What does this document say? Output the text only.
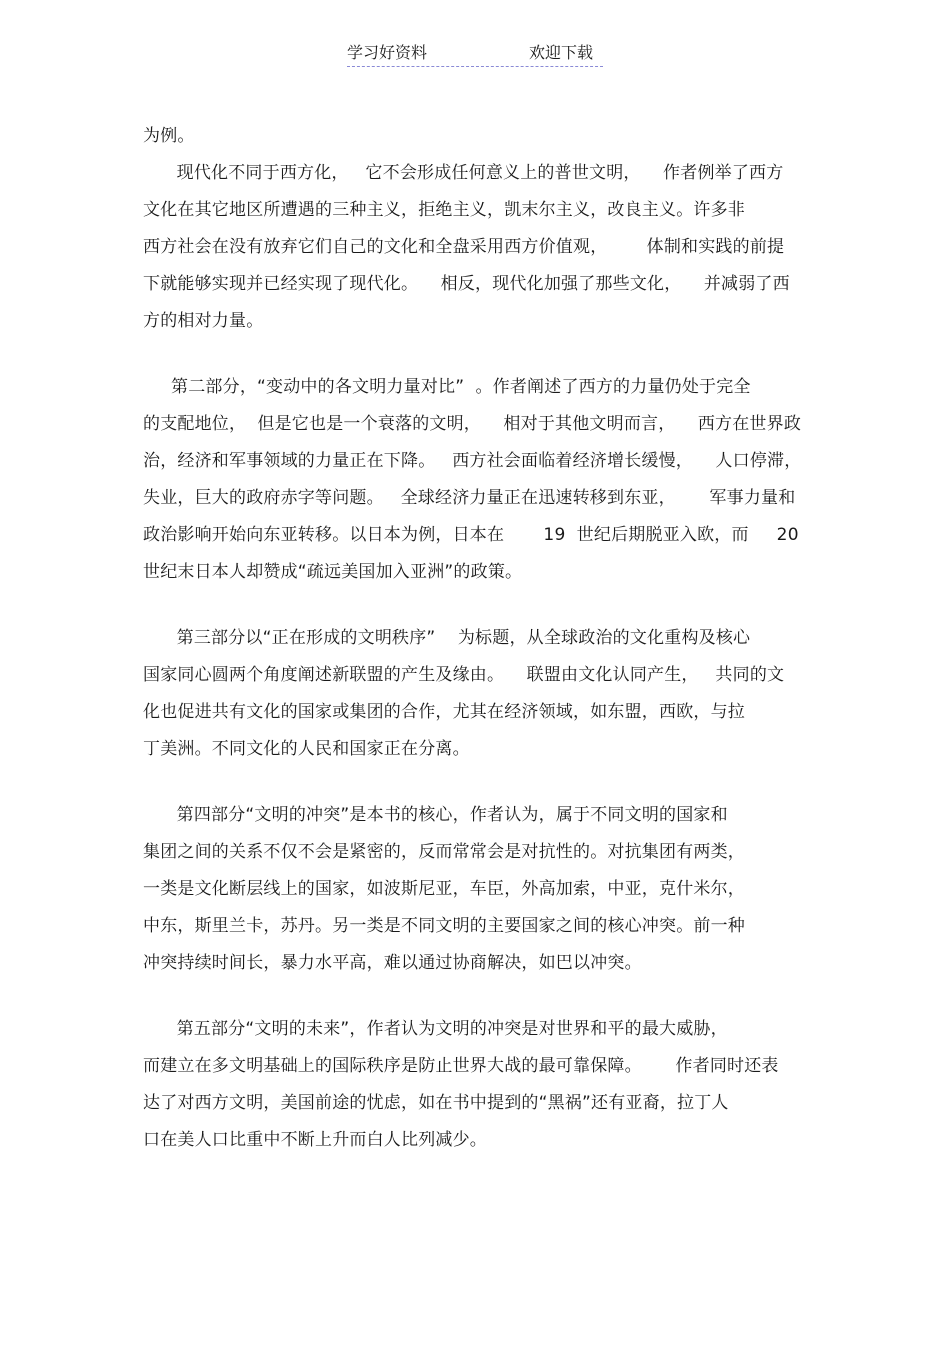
学习好资料	欢迎下载
为例。
现代化不同于西方化，   它不会形成任何意义上的普世文明，    作者例举了西方
文化在其它地区所遭遇的三种主义，拒绝主义，凯末尔主义，改良主义。许多非
西方社会在没有放弃它们自己的文化和全盘采用西方价值观，       体制和实践的前提
下就能够实现并已经实现了现代化。    相反，现代化加强了那些文化，    并减弱了西
方的相对力量。
第二部分，“变动中的各文明力量对比”  。作者阐述了西方的力量仍处于完全
的支配地位，  但是它也是一个衰落的文明，    相对于其他文明而言，    西方在世界政
治，经济和军事领域的力量正在下降。   西方社会面临着经济增长缓慢，    人口停滞，
失业，巨大的政府赤字等问题。   全球经济力量正在迅速转移到东亚，      军事力量和
政治影响开始向东亚转移。以日本为例，日本在       19  世纪后期脱亚入欧，而     20
世纪末日本人却赞成“疏远美国加入亚洲”的政策。
第三部分以“正在形成的文明秩序”    为标题，从全球政治的文化重构及核心
国家同心圆两个角度阐述新联盟的产生及缘由。    联盟由文化认同产生，   共同的文
化也促进共有文化的国家或集团的合作，尤其在经济领域，如东盟，西欧，与拉
丁美洲。不同文化的人民和国家正在分离。
第四部分“文明的冲突”是本书的核心，作者认为，属于不同文明的国家和
集团之间的关系不仅不会是紧密的，反而常常会是对抗性的。对抗集团有两类，
一类是文化断层线上的国家，如波斯尼亚，车臣，外高加索，中亚，克什米尔，
中东，斯里兰卡，苏丹。另一类是不同文明的主要国家之间的核心冲突。前一种
冲突持续时间长，暴力水平高，难以通过协商解决，如巴以冲突。
第五部分“文明的未来”，作者认为文明的冲突是对世界和平的最大威胁，
而建立在多文明基础上的国际秩序是防止世界大战的最可靠保障。      作者同时还表
达了对西方文明，美国前途的忧虑，如在书中提到的“黑祸”还有亚裔，拉丁人
口在美人口比重中不断上升而白人比列减少。
